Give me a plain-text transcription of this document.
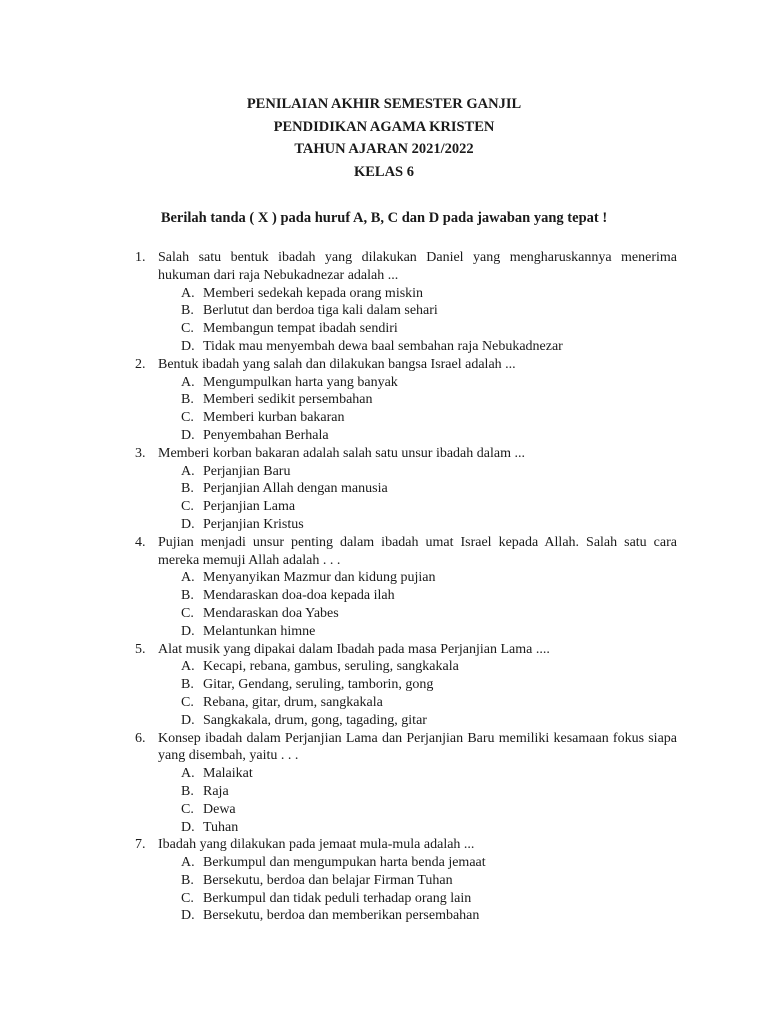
PENILAIAN AKHIR SEMESTER GANJIL
PENDIDIKAN AGAMA KRISTEN
TAHUN AJARAN 2021/2022
KELAS 6
Berilah tanda ( X ) pada huruf A, B, C dan D pada jawaban yang tepat !
1. Salah satu bentuk ibadah yang dilakukan Daniel yang mengharuskannya menerima hukuman dari raja Nebukadnezar adalah ...
A. Memberi sedekah kepada orang miskin
B. Berlutut dan berdoa tiga kali dalam sehari
C. Membangun tempat ibadah sendiri
D. Tidak mau menyembah dewa baal sembahan raja Nebukadnezar
2. Bentuk ibadah yang salah dan dilakukan bangsa Israel adalah ...
A. Mengumpulkan harta yang banyak
B. Memberi sedikit persembahan
C. Memberi kurban bakaran
D. Penyembahan Berhala
3. Memberi korban bakaran adalah salah satu unsur ibadah dalam ...
A. Perjanjian Baru
B. Perjanjian Allah dengan manusia
C. Perjanjian Lama
D. Perjanjian Kristus
4. Pujian menjadi unsur penting dalam ibadah umat Israel kepada Allah. Salah satu cara mereka memuji Allah adalah . . .
A. Menyanyikan Mazmur dan kidung pujian
B. Mendaraskan doa-doa kepada ilah
C. Mendaraskan doa Yabes
D. Melantunkan himne
5. Alat musik yang dipakai dalam Ibadah pada masa Perjanjian Lama ....
A. Kecapi, rebana, gambus, seruling, sangkakala
B. Gitar, Gendang, seruling, tamborin, gong
C. Rebana, gitar, drum, sangkakala
D. Sangkakala, drum, gong, tagading, gitar
6. Konsep ibadah dalam Perjanjian Lama dan Perjanjian Baru memiliki kesamaan fokus siapa yang disembah, yaitu . . .
A. Malaikat
B. Raja
C. Dewa
D. Tuhan
7. Ibadah yang dilakukan pada jemaat mula-mula adalah ...
A. Berkumpul dan mengumpukan harta benda jemaat
B. Bersekutu, berdoa dan belajar Firman Tuhan
C. Berkumpul dan tidak peduli terhadap orang lain
D. Bersekutu, berdoa dan memberikan persembahan
